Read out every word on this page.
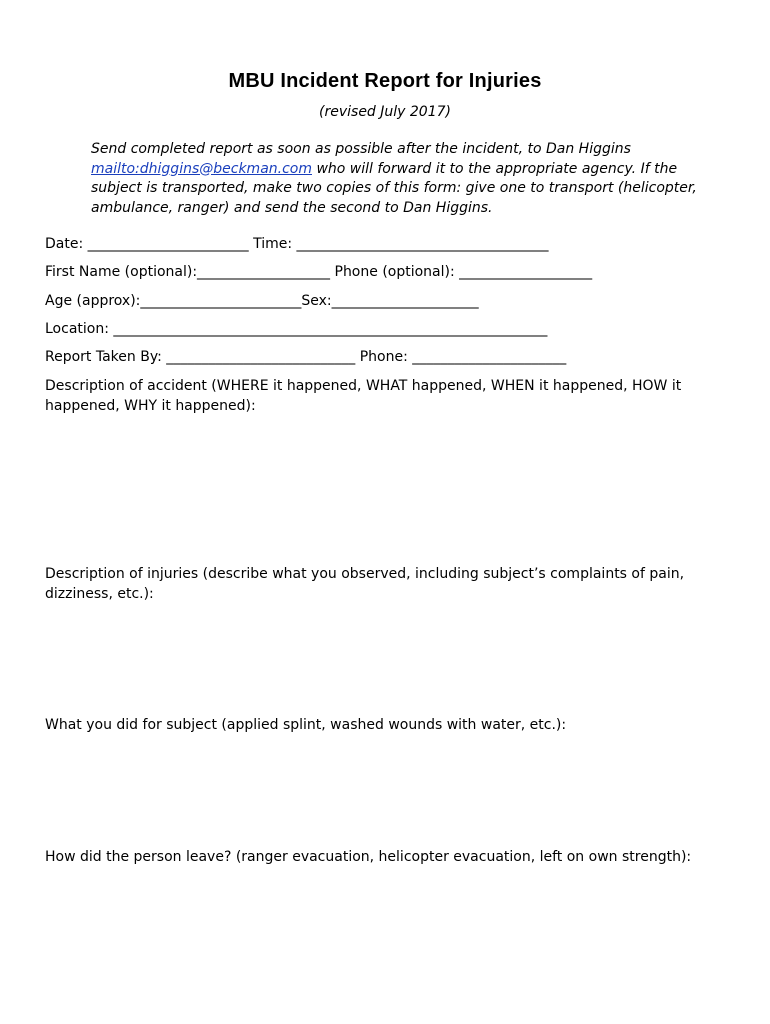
MBU Incident Report for Injuries
(revised July 2017)
Send completed report as soon as possible after the incident, to Dan Higgins mailto:dhiggins@beckman.com who will forward it to the appropriate agency. If the subject is transported, make two copies of this form: give one to transport (helicopter, ambulance, ranger) and send the second to Dan Higgins.
Date: _______________________ Time: ____________________________________
First Name (optional):___________________ Phone (optional): ___________________
Age (approx):_______________________Sex:_____________________
Location: ______________________________________________________________
Report Taken By: ___________________________ Phone: ______________________
Description of accident (WHERE it happened, WHAT happened, WHEN it happened, HOW it happened, WHY it happened):
Description of injuries (describe what you observed, including subject’s complaints of pain, dizziness, etc.):
What you did for subject (applied splint, washed wounds with water, etc.):
How did the person leave? (ranger evacuation, helicopter evacuation, left on own strength):
